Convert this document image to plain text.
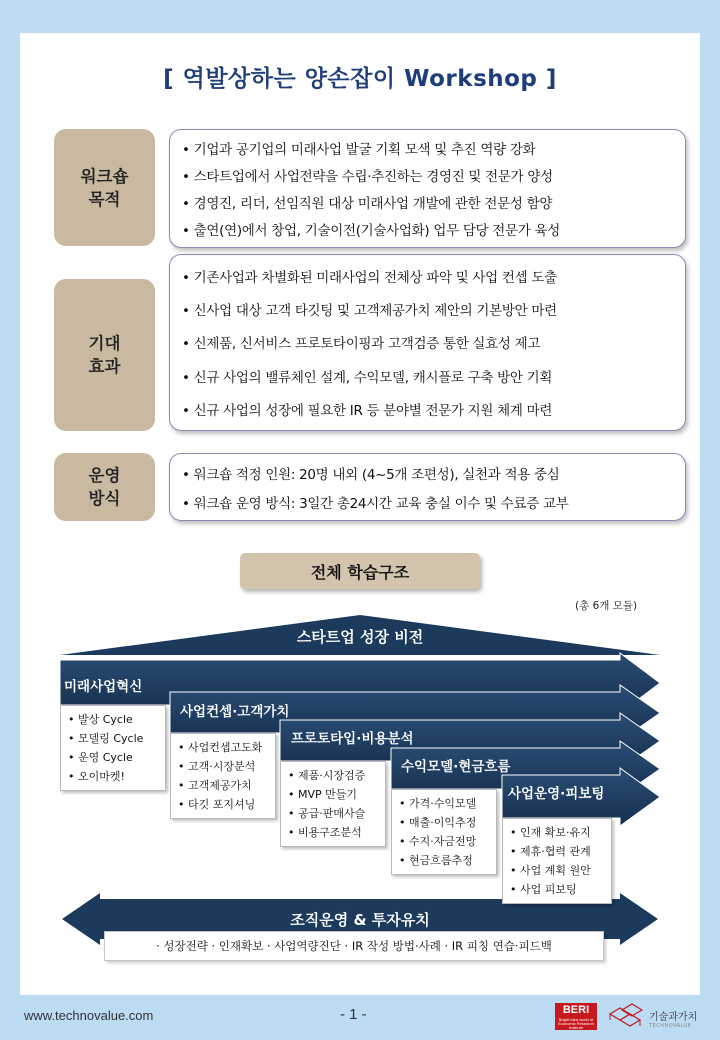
[ 역발상하는 양손잡이 Workshop ]
워크숍
목적
• 기업과 공기업의 미래사업 발굴 기획 모색 및 추진 역량 강화
• 스타트업에서 사업전략을 수립·추진하는 경영진 및 전문가 양성
• 경영진, 리더, 선임직원 대상 미래사업 개발에 관한 전문성 함양
• 출연(연)에서 창업, 기술이전(기술사업화) 업무 담당 전문가 육성
기대
효과
• 기존사업과 차별화된 미래사업의 전체상 파악 및 사업 컨셉 도출
• 신사업 대상 고객 타깃팅 및 고객제공가치 제안의 기본방안 마련
• 신제품, 신서비스 프로토타이핑과 고객검증 통한 실효성 제고
• 신규 사업의 밸류체인 설계, 수익모델, 캐시플로 구축 방안 기획
• 신규 사업의 성장에 필요한 IR 등 분야별 전문가 지원 체계 마련
운영
방식
• 워크숍 적정 인원: 20명 내외 (4~5개 조편성), 실천과 적용 중심
• 워크숍 운영 방식: 3일간 총24시간 교육 충실 이수 및 수료증 교부
전체 학습구조
(총 6개 모듈)
스타트업 성장 비전
미래사업혁신
• 발상 Cycle
• 모델링 Cycle
• 운영 Cycle
• 오이마켓!
사업컨셉·고객가치
• 사업컨셉고도화
• 고객·시장분석
• 고객제공가치
• 타깃 포지셔닝
프로토타입·비용분석
• 제품·시장검증
• MVP 만들기
• 공급·판매사슬
• 비용구조분석
수익모델·현금흐름
• 가격·수익모델
• 매출·이익추정
• 수지·자금전망
• 현금흐름추정
사업운영·피보팅
• 인재 확보·유지
• 제휴·협력 관계
• 사업 계획 원안
• 사업 피보팅
조직운영 & 투자유치
· 성장전략 · 인재확보 · 사업역량진단 · IR 작성 방법·사례 · IR 피칭 연습·피드백
www.technovalue.com	- 1 -	BERI
Bright Idea world of Economic Research Institute
기술과가치
TECHNOVALUE
